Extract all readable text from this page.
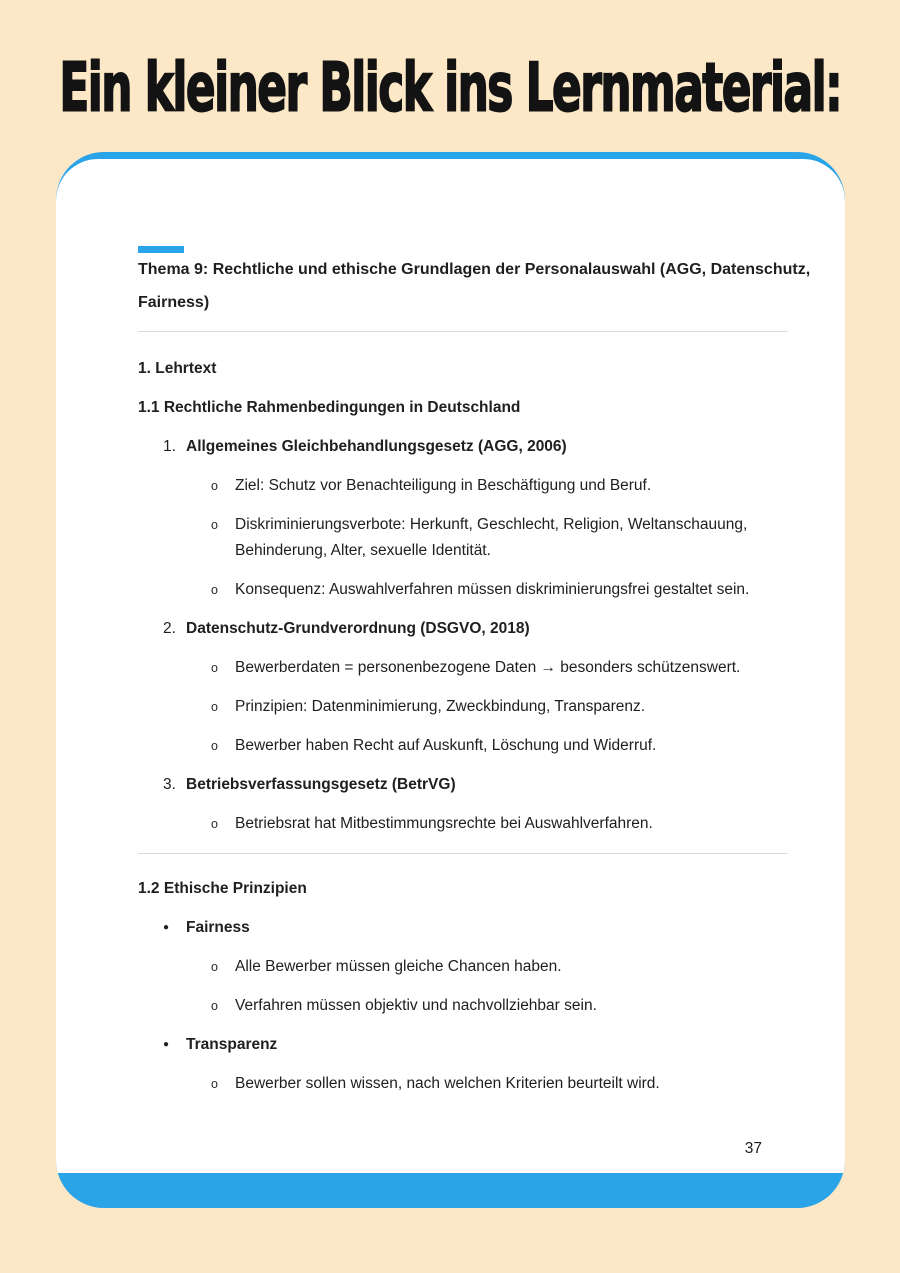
Ein kleiner Blick ins Lernmaterial:
Thema 9: Rechtliche und ethische Grundlagen der Personalauswahl (AGG, Datenschutz, Fairness)
1. Lehrtext
1.1 Rechtliche Rahmenbedingungen in Deutschland
1. Allgemeines Gleichbehandlungsgesetz (AGG, 2006)
o	Ziel: Schutz vor Benachteiligung in Beschäftigung und Beruf.
o	Diskriminierungsverbote: Herkunft, Geschlecht, Religion, Weltanschauung, Behinderung, Alter, sexuelle Identität.
o	Konsequenz: Auswahlverfahren müssen diskriminierungsfrei gestaltet sein.
2. Datenschutz-Grundverordnung (DSGVO, 2018)
o	Bewerberdaten = personenbezogene Daten → besonders schützenswert.
o	Prinzipien: Datenminimierung, Zweckbindung, Transparenz.
o	Bewerber haben Recht auf Auskunft, Löschung und Widerruf.
3. Betriebsverfassungsgesetz (BetrVG)
o	Betriebsrat hat Mitbestimmungsrechte bei Auswahlverfahren.
1.2 Ethische Prinzipien
●	Fairness
o	Alle Bewerber müssen gleiche Chancen haben.
o	Verfahren müssen objektiv und nachvollziehbar sein.
●	Transparenz
o	Bewerber sollen wissen, nach welchen Kriterien beurteilt wird.
37
